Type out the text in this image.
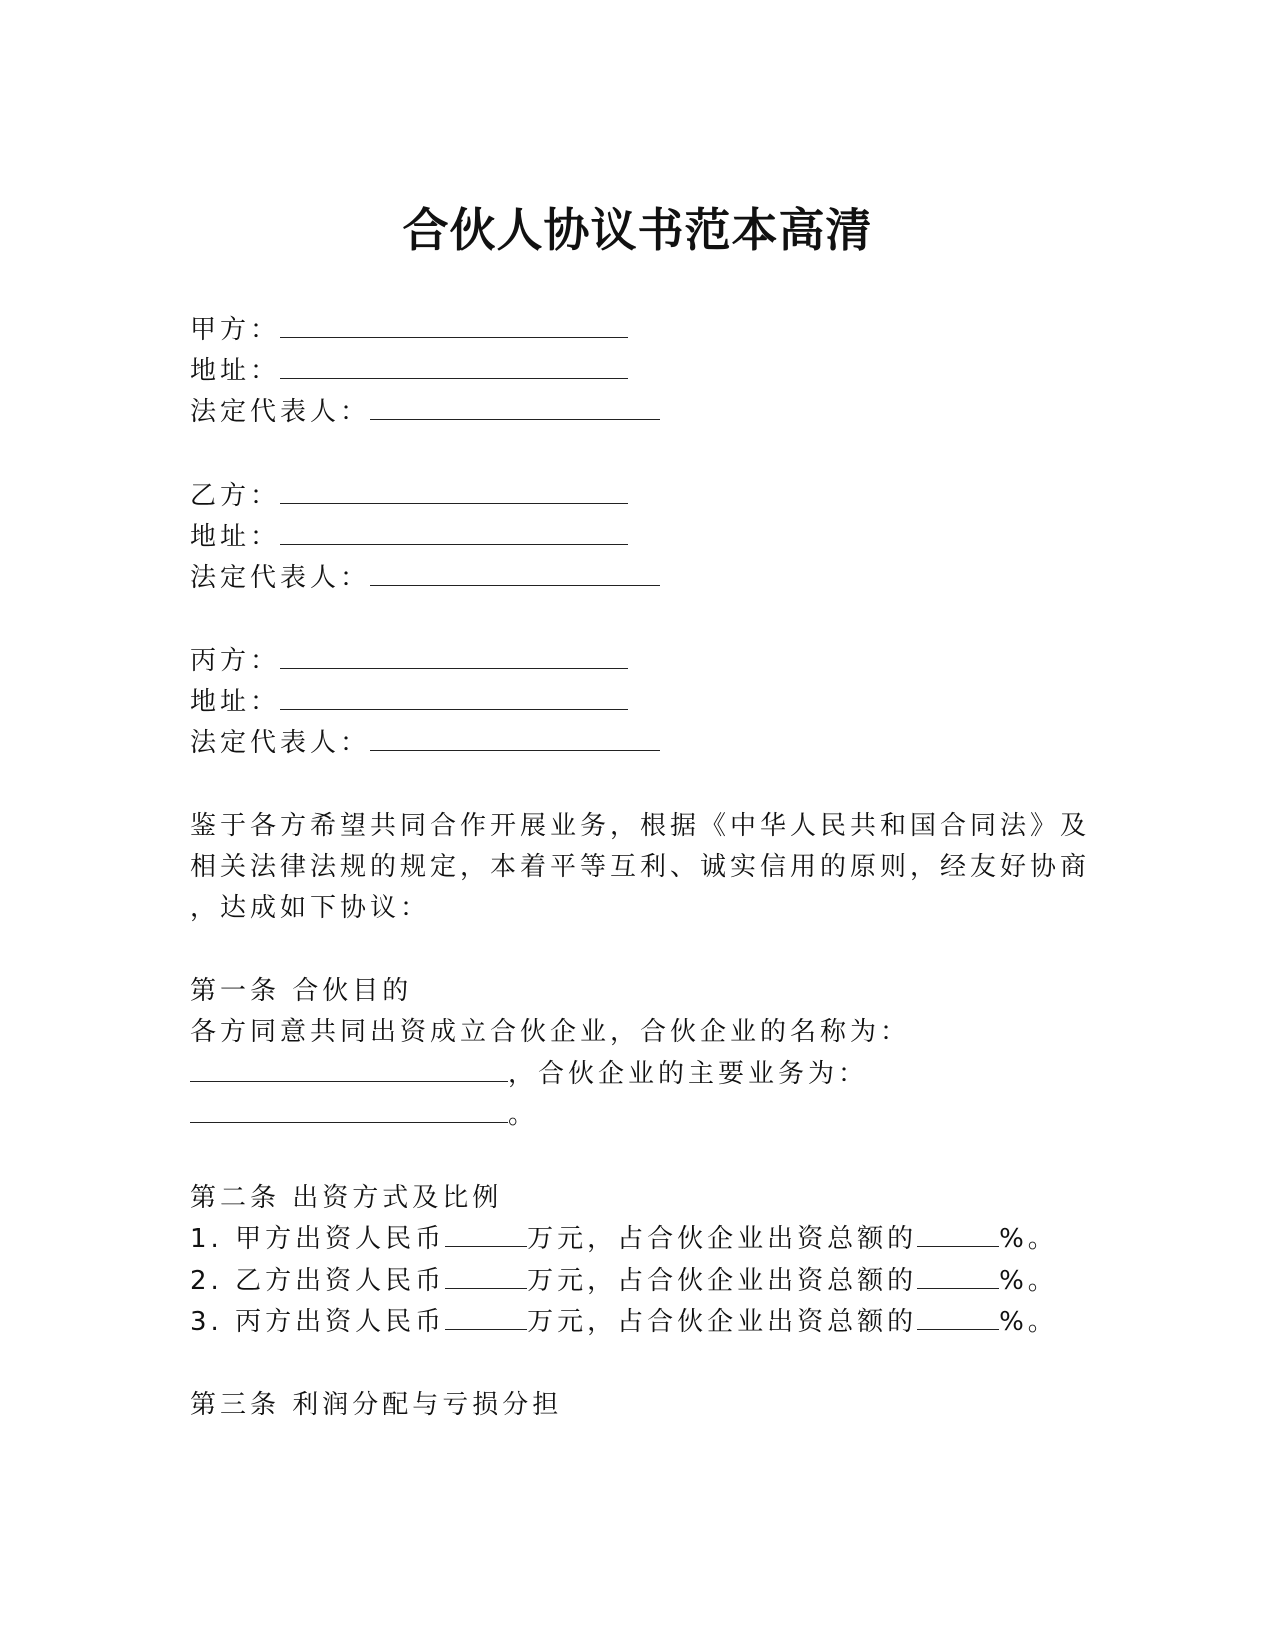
合伙人协议书范本高清
甲方：
地址：
法定代表人：
乙方：
地址：
法定代表人：
丙方：
地址：
法定代表人：
鉴于各方希望共同合作开展业务，根据《中华人民共和国合同法》及
相关法律法规的规定，本着平等互利、诚实信用的原则，经友好协商
，达成如下协议：
第一条 合伙目的
各方同意共同出资成立合伙企业，合伙企业的名称为：
，合伙企业的主要业务为：
。
第二条 出资方式及比例
1. 甲方出资人民币	万元，占合伙企业出资总额的	%。
2. 乙方出资人民币	万元，占合伙企业出资总额的	%。
3. 丙方出资人民币	万元，占合伙企业出资总额的	%。
第三条 利润分配与亏损分担
